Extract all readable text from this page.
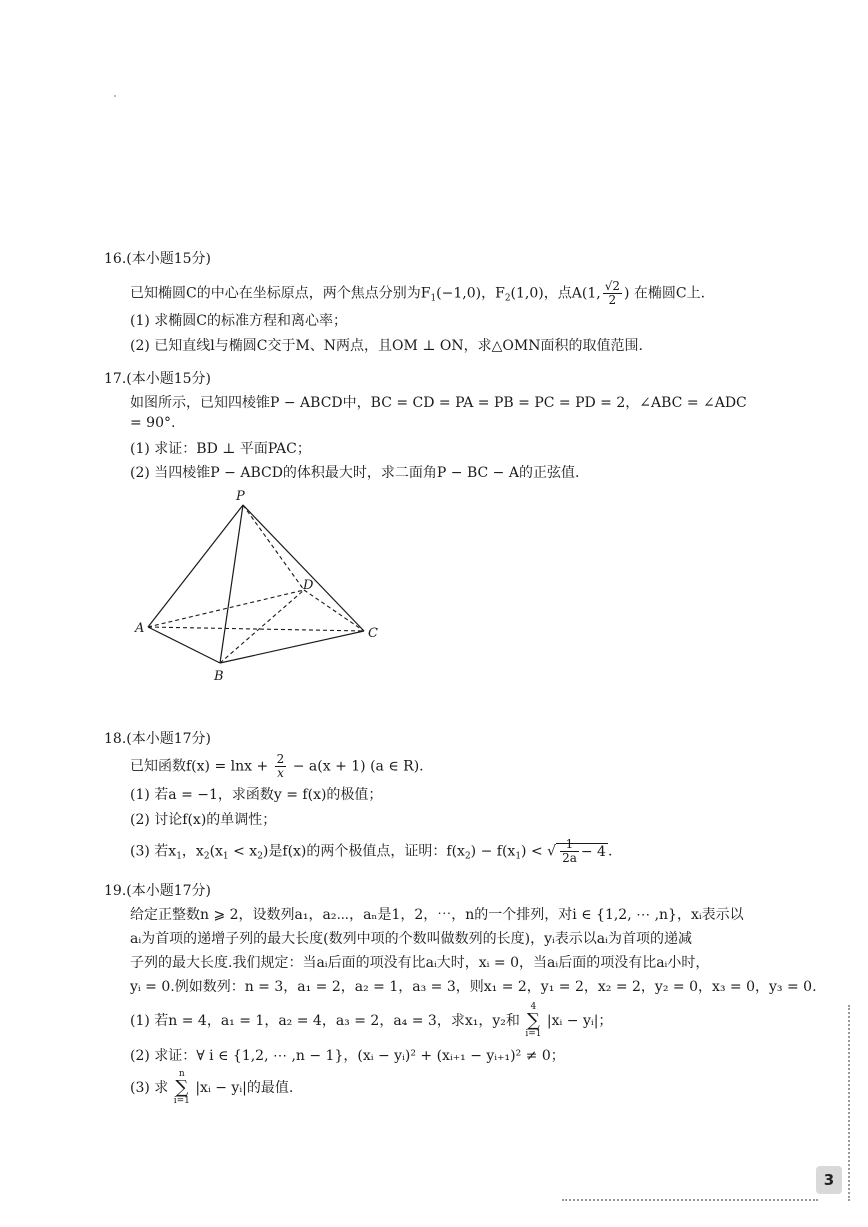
16.(本小题15分)
已知椭圆C的中心在坐标原点，两个焦点分别为$F_1(-1,0)$，$F_2(1,0)$，点A(1, $\frac{√2}{2}$ ) 在椭圆C上.
(1) 求椭圆C的标准方程和离心率；
(2) 已知直线l与椭圆C交于M、N两点，且OM ⊥ ON，求△OMN面积的取值范围.
17.(本小题15分)
如图所示，已知四棱锥P − ABCD中，BC = CD = PA = PB = PC = PD = 2，∠ABC = ∠ADC
= 90°.
(1) 求证：BD ⊥ 平面PAC；
(2) 当四棱锥P − ABCD的体积最大时，求二面角P − BC − A的正弦值.
P
A
B
C
D
18.(本小题17分)
已知函数$f(x) = \ln x + \frac{2}{x} - a(x + 1)$ (a ∈ R).
(1) 若a = −1，求函数y = f(x)的极值；
(2) 讨论f(x)的单调性；
(3) 若$x_1$，$x_2(x_1 < x_2)$是f(x)的两个极值点，证明：$f(x_2) - f(x_1)$ < √ $\frac{1}{2a} - 4$ .
19.(本小题17分)
给定正整数n ⩾ 2，设数列a₁，a₂⋯，aₙ是1，2，⋯，n的一个排列，对i ∈ {1,2, ⋯ ,n}，xᵢ表示以
aᵢ为首项的递增子列的最大长度(数列中项的个数叫做数列的长度)，yᵢ表示以aᵢ为首项的递减
子列的最大长度.我们规定：当aᵢ后面的项没有比aᵢ大时，xᵢ = 0，当aᵢ后面的项没有比aᵢ小时，
yᵢ = 0.例如数列：n = 3，a₁ = 2，a₂ = 1，a₃ = 3，则x₁ = 2，y₁ = 2，x₂ = 2，y₂ = 0，x₃ = 0，y₃ = 0.
(1) 若n = 4，a₁ = 1，a₂ = 4，a₃ = 2，a₄ = 3，求x₁，y₂和 4
∑
i=1 |xᵢ − yᵢ|；
(2) 求证：∀ i ∈ {1,2, ⋯ ,n − 1}，(xᵢ − yᵢ)² + (xᵢ₊₁ − yᵢ₊₁)² ≠ 0；
(3) 求 n
∑
i=1 |xᵢ − yᵢ|的最值.
3
